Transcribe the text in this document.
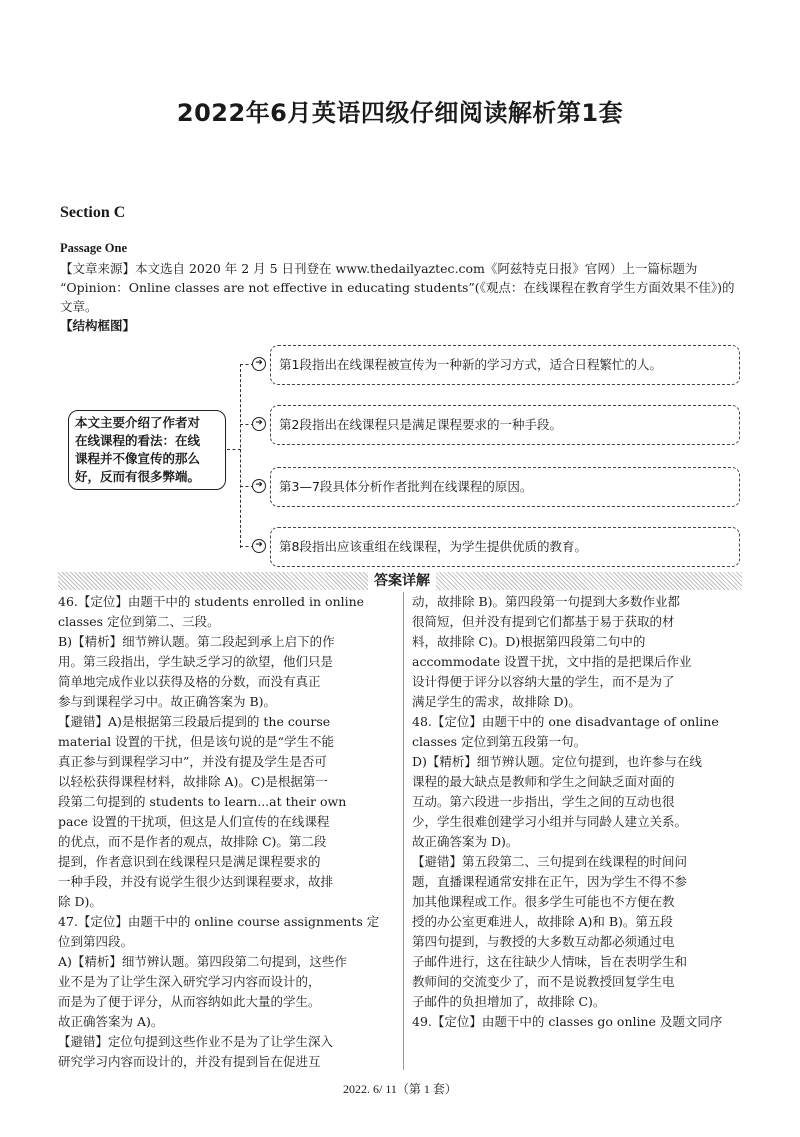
2022年6月英语四级仔细阅读解析第1套
Section C
Passage One
【文章来源】本文选自 2020 年 2 月 5 日刊登在 www.thedailyaztec.com《阿兹特克日报》官网）上一篇标题为
“Opinion：Online classes are not effective in educating students”(《观点：在线课程在教育学生方面效果不佳》)的
文章。
【结构框图】
本文主要介绍了作者对
在线课程的看法：在线
课程并不像宣传的那么
好，反而有很多弊端。
➜	第1段指出在线课程被宣传为一种新的学习方式，适合日程繁忙的人。
➜	第2段指出在线课程只是满足课程要求的一种手段。
➜	第3—7段具体分析作者批判在线课程的原因。
➜	第8段指出应该重组在线课程，为学生提供优质的教育。
答案详解
46.【定位】由题干中的 students enrolled in online
classes 定位到第二、三段。
B)【精析】细节辨认题。第二段起到承上启下的作
用。第三段指出，学生缺乏学习的欲望，他们只是
简单地完成作业以获得及格的分数，而没有真正
参与到课程学习中。故正确答案为 B)。
【避错】A)是根据第三段最后提到的 the course
material 设置的干扰，但是该句说的是“学生不能
真正参与到课程学习中”，并没有提及学生是否可
以轻松获得课程材料，故排除 A)。C)是根据第一
段第二句提到的 students to learn...at their own
pace 设置的干扰项，但这是人们宣传的在线课程
的优点，而不是作者的观点，故排除 C)。第二段
提到，作者意识到在线课程只是满足课程要求的
一种手段，并没有说学生很少达到课程要求，故排
除 D)。
47.【定位】由题干中的 online course assignments 定
位到第四段。
A)【精析】细节辨认题。第四段第二句提到，这些作
业不是为了让学生深入研究学习内容而设计的，
而是为了便于评分，从而容纳如此大量的学生。
故正确答案为 A)。
【避错】定位句提到这些作业不是为了让学生深入
研究学习内容而设计的，并没有提到旨在促进互
动，故排除 B)。第四段第一句提到大多数作业都
很简短，但并没有提到它们都基于易于获取的材
料，故排除 C)。D)根据第四段第二句中的
accommodate 设置干扰，文中指的是把课后作业
设计得便于评分以容纳大量的学生，而不是为了
满足学生的需求，故排除 D)。
48.【定位】由题干中的 one disadvantage of online
classes 定位到第五段第一句。
D)【精析】细节辨认题。定位句提到，也许参与在线
课程的最大缺点是教师和学生之间缺乏面对面的
互动。第六段进一步指出，学生之间的互动也很
少，学生很难创建学习小组并与同龄人建立关系。
故正确答案为 D)。
【避错】第五段第二、三句提到在线课程的时间问
题，直播课程通常安排在正午，因为学生不得不参
加其他课程或工作。很多学生可能也不方便在教
授的办公室更难进人，故排除 A)和 B)。第五段
第四句提到，与教授的大多数互动都必须通过电
子邮件进行，这在往缺少人情味，旨在表明学生和
教师间的交流变少了，而不是说教授回复学生电
子邮件的负担增加了，故排除 C)。
49.【定位】由题干中的 classes go online 及题文同序
2022. 6/ 11（第 1 套）
